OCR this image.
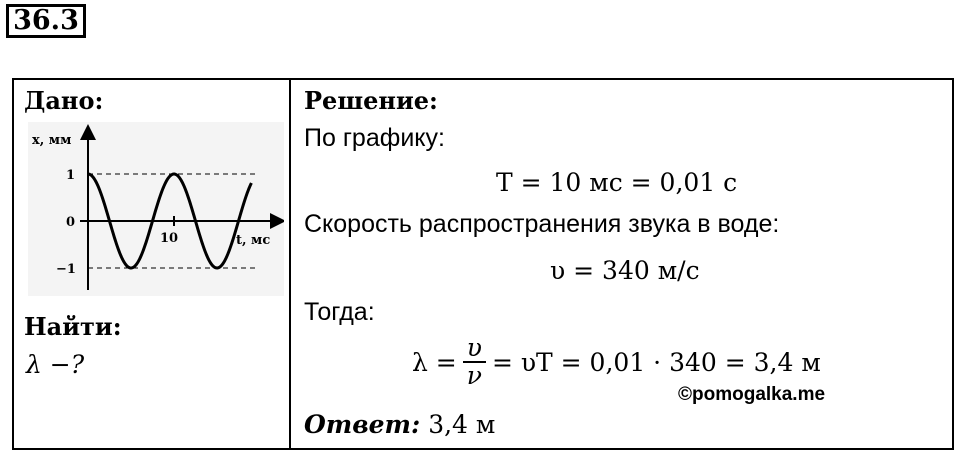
36.3
Дано:
x, мм
t, мс
1
0
−1
10
Найти:
λ −?
Решение:
По графику:
T = 10 мс = 0,01 с
Скорость распространения звука в воде:
υ = 340 м/с
Тогда:
$\lambda = \frac{\upsilon}{\nu} = \upsilon T = 0,01 \cdot 340 = 3,4$ м
Ответ: 3,4 м
©pomogalka.me
